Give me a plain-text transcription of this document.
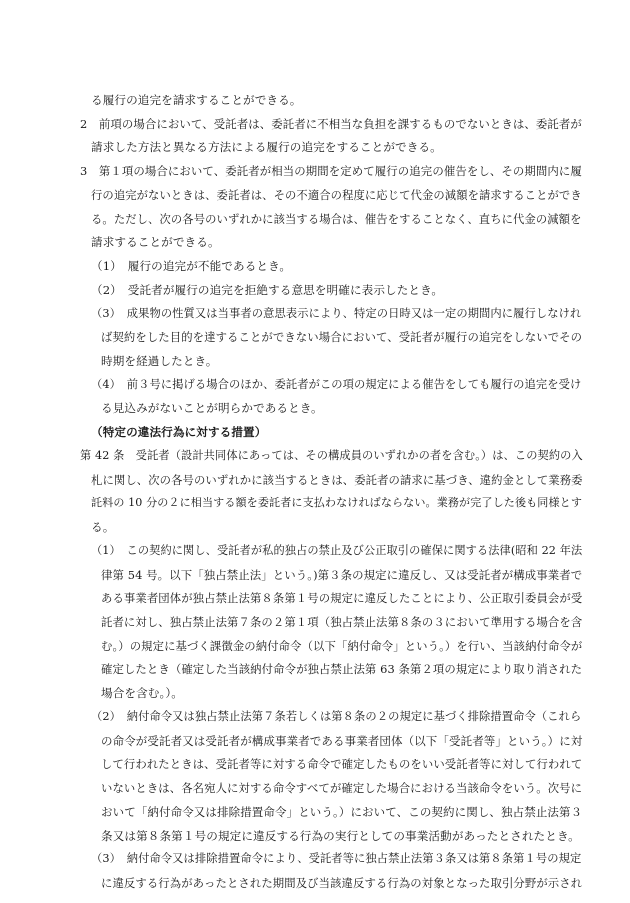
る履行の追完を請求することができる。
2　前項の場合において、受託者は、委託者に不相当な負担を課するものでないときは、委託者が
請求した方法と異なる方法による履行の追完をすることができる。
3　第１項の場合において、委託者が相当の期間を定めて履行の追完の催告をし、その期間内に履
行の追完がないときは、委託者は、その不適合の程度に応じて代金の減額を請求することができ
る。ただし、次の各号のいずれかに該当する場合は、催告をすることなく、直ちに代金の減額を
請求することができる。
（1）　履行の追完が不能であるとき。
（2）　受託者が履行の追完を拒絶する意思を明確に表示したとき。
（3）　成果物の性質又は当事者の意思表示により、特定の日時又は一定の期間内に履行しなけれ
ば契約をした目的を達することができない場合において、受託者が履行の追完をしないでその
時期を経過したとき。
（4）　前３号に掲げる場合のほか、委託者がこの項の規定による催告をしても履行の追完を受け
る見込みがないことが明らかであるとき。
（特定の違法行為に対する措置）
第 42 条　受託者（設計共同体にあっては、その構成員のいずれかの者を含む。）は、この契約の入
札に関し、次の各号のいずれかに該当するときは、委託者の請求に基づき、違約金として業務委
託料の 10 分の２に相当する額を委託者に支払わなければならない。業務が完了した後も同様とす
る。
（1）　この契約に関し、受託者が私的独占の禁止及び公正取引の確保に関する法律(昭和 22 年法
律第 54 号。以下「独占禁止法」という。)第３条の規定に違反し、又は受託者が構成事業者で
ある事業者団体が独占禁止法第８条第１号の規定に違反したことにより、公正取引委員会が受
託者に対し、独占禁止法第７条の２第１項（独占禁止法第８条の３において準用する場合を含
む。）の規定に基づく課徴金の納付命令（以下「納付命令」という。）を行い、当該納付命令が
確定したとき（確定した当該納付命令が独占禁止法第 63 条第２項の規定により取り消された
場合を含む。）。
（2）　納付命令又は独占禁止法第７条若しくは第８条の２の規定に基づく排除措置命令（これら
の命令が受託者又は受託者が構成事業者である事業者団体（以下「受託者等」という。）に対
して行われたときは、受託者等に対する命令で確定したものをいい受託者等に対して行われて
いないときは、各名宛人に対する命令すべてが確定した場合における当該命令をいう。次号に
おいて「納付命令又は排除措置命令」という。）において、この契約に関し、独占禁止法第３
条又は第８条第１号の規定に違反する行為の実行としての事業活動があったとされたとき。
（3）　納付命令又は排除措置命令により、受託者等に独占禁止法第３条又は第８条第１号の規定
に違反する行為があったとされた期間及び当該違反する行為の対象となった取引分野が示され
